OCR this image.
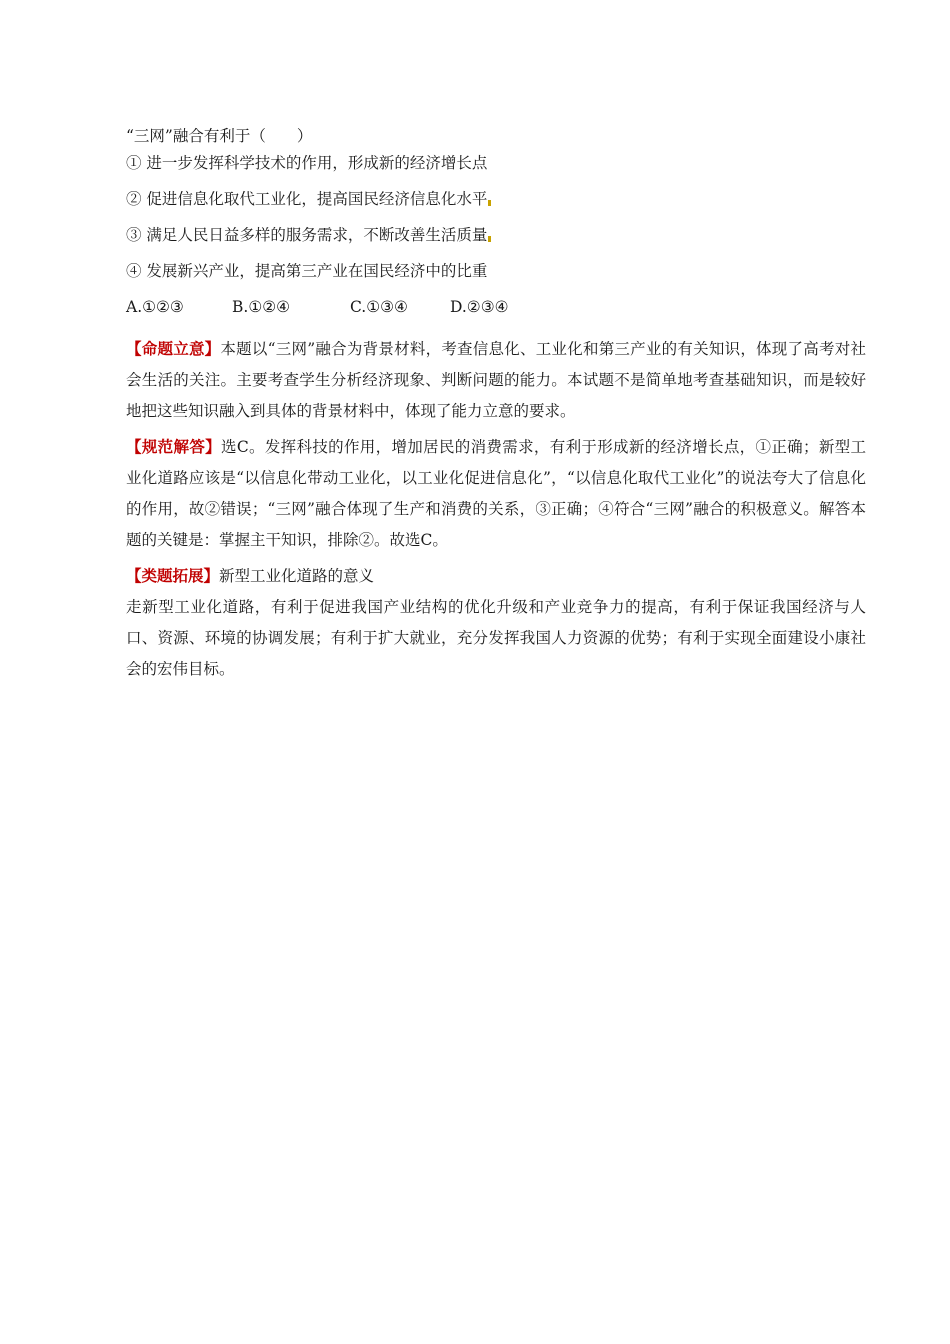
“三网”融合有利于（　　）
① 进一步发挥科学技术的作用，形成新的经济增长点
② 促进信息化取代工业化，提高国民经济信息化水平
③ 满足人民日益多样的服务需求，不断改善生活质量
④ 发展新兴产业，提高第三产业在国民经济中的比重
A.①②③	B.①②④	C.①③④	D.②③④

【命题立意】本题以“三网”融合为背景材料，考查信息化、工业化和第三产业的有关知识，体现了高考对社会生活的关注。主要考查学生分析经济现象、判断问题的能力。本试题不是简单地考查基础知识，而是较好地把这些知识融入到具体的背景材料中，体现了能力立意的要求。

【规范解答】选C。发挥科技的作用，增加居民的消费需求，有利于形成新的经济增长点，①正确；新型工业化道路应该是“以信息化带动工业化，以工业化促进信息化”，“以信息化取代工业化”的说法夸大了信息化的作用，故②错误；“三网”融合体现了生产和消费的关系，③正确；④符合“三网”融合的积极意义。解答本题的关键是：掌握主干知识，排除②。故选C。

【类题拓展】新型工业化道路的意义

走新型工业化道路，有利于促进我国产业结构的优化升级和产业竞争力的提高，有利于保证我国经济与人口、资源、环境的协调发展；有利于扩大就业，充分发挥我国人力资源的优势；有利于实现全面建设小康社会的宏伟目标。
